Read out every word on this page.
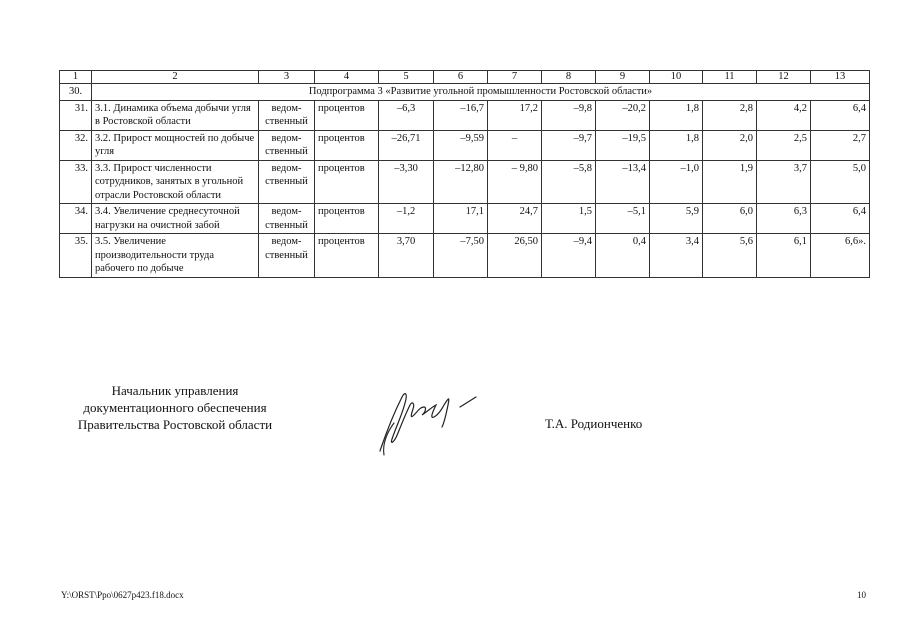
1	2	3	4	5	6	7	8	9	10	11	12	13
30.	Подпрограмма 3 «Развитие угольной промышленности Ростовской области»											
31.	3.1. Динамика объема добычи угля в Ростовской области	ведом-ственный	процентов	–6,3	–16,7	17,2	–9,8	–20,2	1,8	2,8	4,2	6,4
32.	3.2. Прирост мощностей по добыче угля	ведом-ственный	процентов	–26,71	–9,59	–	–9,7	–19,5	1,8	2,0	2,5	2,7
33.	3.3. Прирост численности сотрудников, занятых в угольной отрасли Ростовской области	ведом-ственный	процентов	–3,30	–12,80	– 9,80	–5,8	–13,4	–1,0	1,9	3,7	5,0
34.	3.4. Увеличение среднесуточной нагрузки на очистной забой	ведом-ственный	процентов	–1,2	17,1	24,7	1,5	–5,1	5,9	6,0	6,3	6,4
35.	3.5. Увеличение производительности труда рабочего по добыче	ведом-ственный	процентов	3,70	–7,50	26,50	–9,4	0,4	3,4	5,6	6,1	6,6».
Начальник управления
документационного обеспечения
Правительства Ростовской области	Т.А. Родионченко
Y:\ORST\Ppo\0627p423.f18.docx	10
